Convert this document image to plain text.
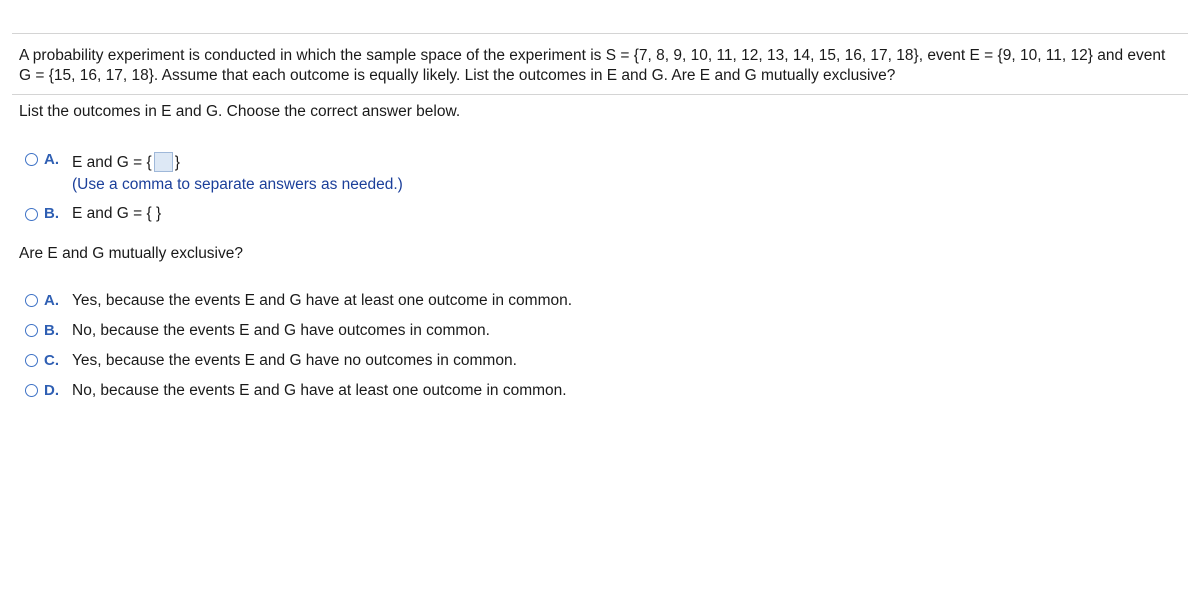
A probability experiment is conducted in which the sample space of the experiment is S = {7, 8, 9, 10, 11, 12, 13, 14, 15, 16, 17, 18}, event E = {9, 10, 11, 12} and event
G = {15, 16, 17, 18}. Assume that each outcome is equally likely. List the outcomes in E and G. Are E and G mutually exclusive?
List the outcomes in E and G. Choose the correct answer below.
A. E and G = { }
(Use a comma to separate answers as needed.)
B. E and G = { }
Are E and G mutually exclusive?
A. Yes, because the events E and G have at least one outcome in common.
B. No, because the events E and G have outcomes in common.
C. Yes, because the events E and G have no outcomes in common.
D. No, because the events E and G have at least one outcome in common.
